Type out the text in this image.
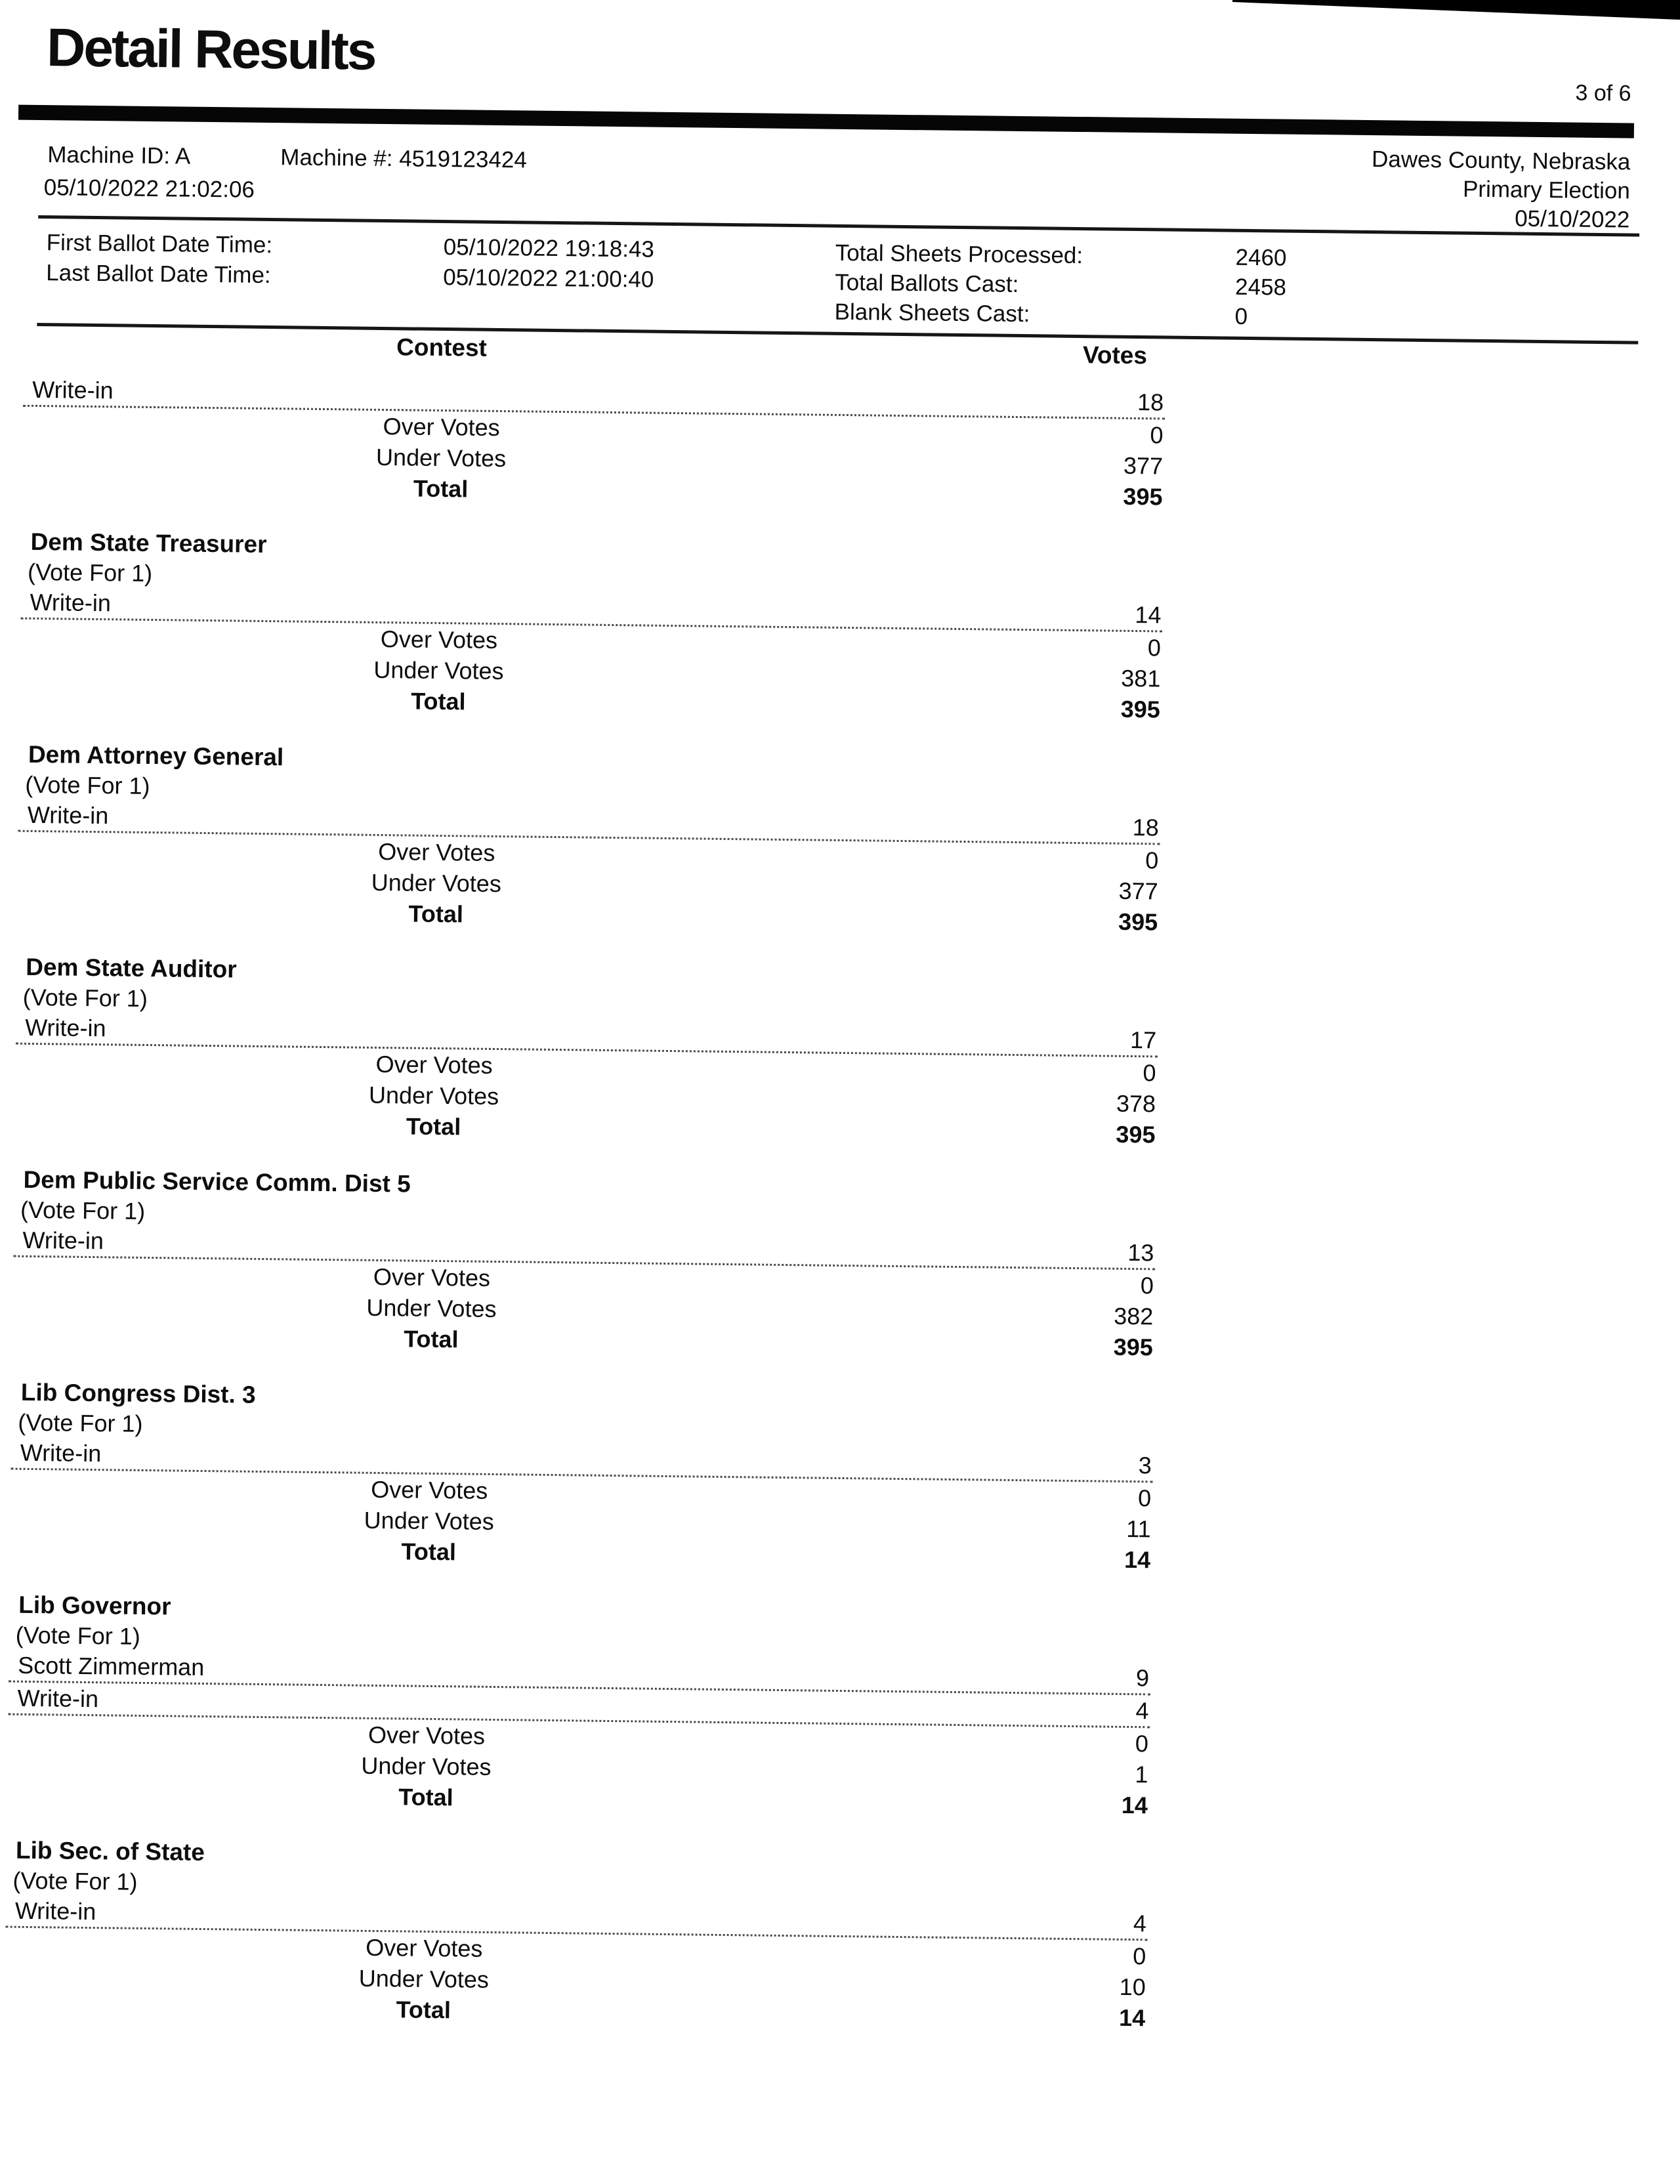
Detail Results
3 of 6
Machine ID: A	Machine #: 4519123424	Dawes County, Nebraska
Primary Election
05/10/2022
05/10/2022 21:02:06
First Ballot Date Time:	05/10/2022 19:18:43
Last Ballot Date Time:	05/10/2022 21:00:40
Total Sheets Processed:	2460
Total Ballots Cast:	2458
Blank Sheets Cast:	0
Contest	Votes
Write-in	18
Over Votes	0
Under Votes	377
Total	395
Dem State Treasurer
(Vote For 1)
Write-in	14
Over Votes	0
Under Votes	381
Total	395
Dem Attorney General
(Vote For 1)
Write-in	18
Over Votes	0
Under Votes	377
Total	395
Dem State Auditor
(Vote For 1)
Write-in	17
Over Votes	0
Under Votes	378
Total	395
Dem Public Service Comm. Dist 5
(Vote For 1)
Write-in	13
Over Votes	0
Under Votes	382
Total	395
Lib Congress Dist. 3
(Vote For 1)
Write-in	3
Over Votes	0
Under Votes	11
Total	14
Lib Governor
(Vote For 1)
Scott Zimmerman	9
Write-in	4
Over Votes	0
Under Votes	1
Total	14
Lib Sec. of State
(Vote For 1)
Write-in	4
Over Votes	0
Under Votes	10
Total	14
